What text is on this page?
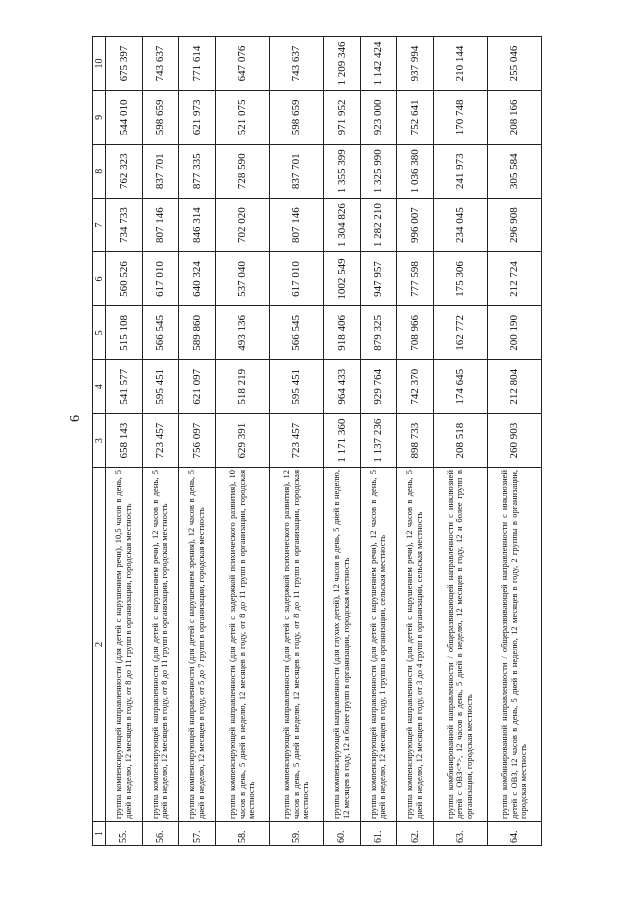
6
1	2	3	4	5	6	7	8	9	10
55.	группа компенсирующей направленности (для детей с нарушением речи), 10,5 часов в день, 5 дней в неделю, 12 месяцев в году, от 8 до 11 групп в организации, городская местность	658 143	541 577	515 108	560 526	734 733	762 323	544 010	675 397
56.	группа компенсирующей направленности (для детей с нарушением речи), 12 часов в день, 5 дней в неделю, 12 месяцев в году, от 8 до 11 групп в организации, городская местность	723 457	595 451	566 545	617 010	807 146	837 701	598 659	743 637
57.	группа компенсирующей направленности (для детей с нарушением зрения), 12 часов в день, 5 дней в неделю, 12 месяцев в году, от 5 до 7 групп в организации, городская местность	756 097	621 097	589 860	640 324	846 314	877 335	621 973	771 614
58.	группа компенсирующей направленности (для детей с задержкой психического развития), 10 часов в день, 5 дней в неделю, 12 месяцев в году, от 8 до 11 групп в организации, городская местность	629 391	518 219	493 136	537 040	702 020	728 590	521 075	647 076
59.	группа компенсирующей направленности (для детей с задержкой психического развития), 12 часов в день, 5 дней в неделю, 12 месяцев в году, от 8 до 11 групп в организации, городская местность	723 457	595 451	566 545	617 010	807 146	837 701	598 659	743 637
60.	группа компенсирующей направленности (для глухих детей), 12 часов в день, 5 дней в неделю, 12 месяцев в году, 12 и более групп в организации, городская местность	1 171 360	964 433	918 406	1002 549	1 304 826	1 355 399	971 952	1 209 346
61.	группа компенсирующей направленности (для детей с нарушением речи), 12 часов в день, 5 дней в неделю, 12 месяцев в году, 1 группа в организации, сельская местность	1 137 236	929 764	879 325	947 957	1 282 210	1 325 990	923 000	1 142 424
62.	группа компенсирующей направленности (для детей с нарушением речи), 12 часов в день, 5 дней в неделю, 12 месяцев в году, от 3 до 4 групп в организации, сельская местность	898 733	742 370	708 966	777 598	996 007	1 036 380	752 641	937 994
63.	группа комбинированной направленности / общеразвивающей направленности с инклюзией детей с ОВЗ<*>, 12 часов в день, 5 дней в неделю, 12 месяцев в году, 12 и более групп в организации, городская местность	208 518	174 645	162 772	175 306	234 045	241 973	170 748	210 144
64.	группа комбинированной направленности / общеразвивающей направленности с инклюзией детей с ОВЗ, 12 часов в день, 5 дней в неделю, 12 месяцев в году, 2 группы в организации, городская местность	260 903	212 804	200 190	212 724	296 908	305 584	208 166	255 046
